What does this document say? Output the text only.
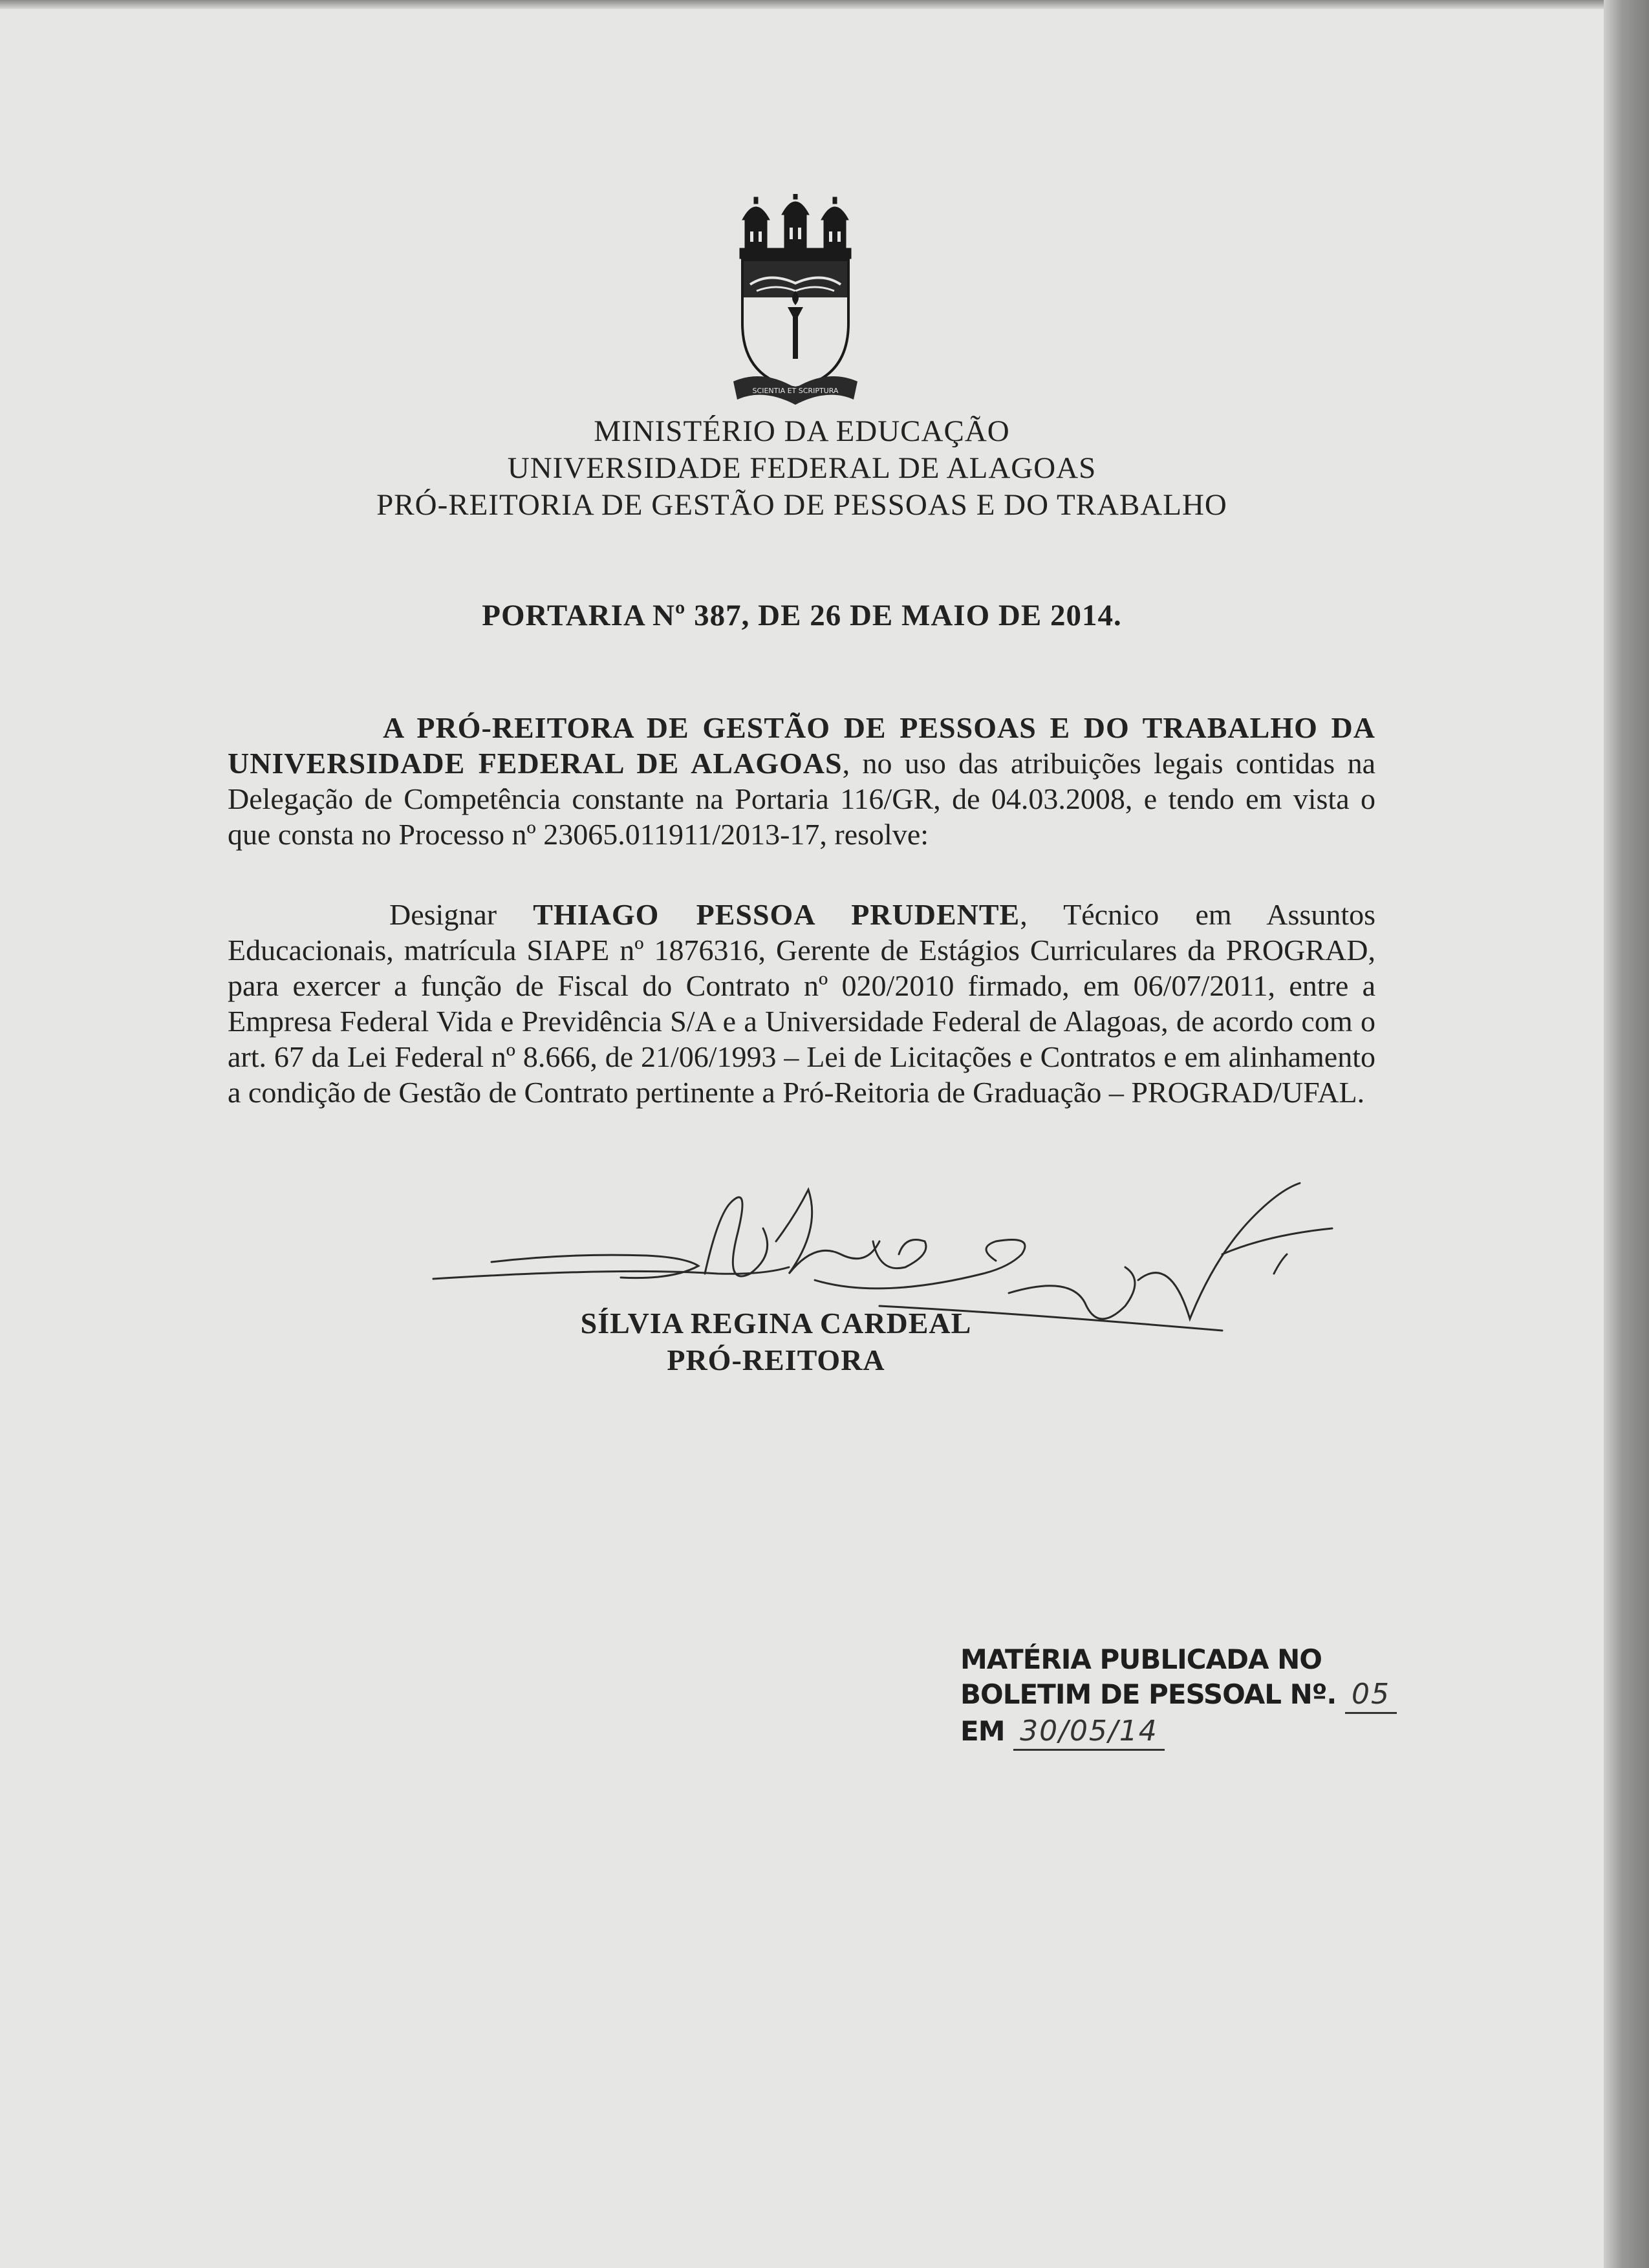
SCIENTIA ET SCRIPTURA
MINISTÉRIO DA EDUCAÇÃO
UNIVERSIDADE FEDERAL DE ALAGOAS
PRÓ-REITORIA DE GESTÃO DE PESSOAS E DO TRABALHO
PORTARIA Nº 387, DE 26 DE MAIO DE 2014.
A PRÓ-REITORA DE GESTÃO DE PESSOAS E DO TRABALHO DA UNIVERSIDADE FEDERAL DE ALAGOAS, no uso das atribuições legais contidas na Delegação de Competência constante na Portaria 116/GR, de 04.03.2008, e tendo em vista o que consta no Processo nº 23065.011911/2013-17, resolve:
Designar THIAGO PESSOA PRUDENTE, Técnico em Assuntos Educacionais, matrícula SIAPE nº 1876316, Gerente de Estágios Curriculares da PROGRAD, para exercer a função de Fiscal do Contrato nº 020/2010 firmado, em 06/07/2011, entre a Empresa Federal Vida e Previdência S/A e a Universidade Federal de Alagoas, de acordo com o art. 67 da Lei Federal nº 8.666, de 21/06/1993 – Lei de Licitações e Contratos e em alinhamento a condição de Gestão de Contrato pertinente a Pró-Reitoria de Graduação – PROGRAD/UFAL.
SÍLVIA REGINA CARDEAL
PRÓ-REITORA
MATÉRIA PUBLICADA NO
BOLETIM DE PESSOAL Nº. 05
EM 30/05/14
